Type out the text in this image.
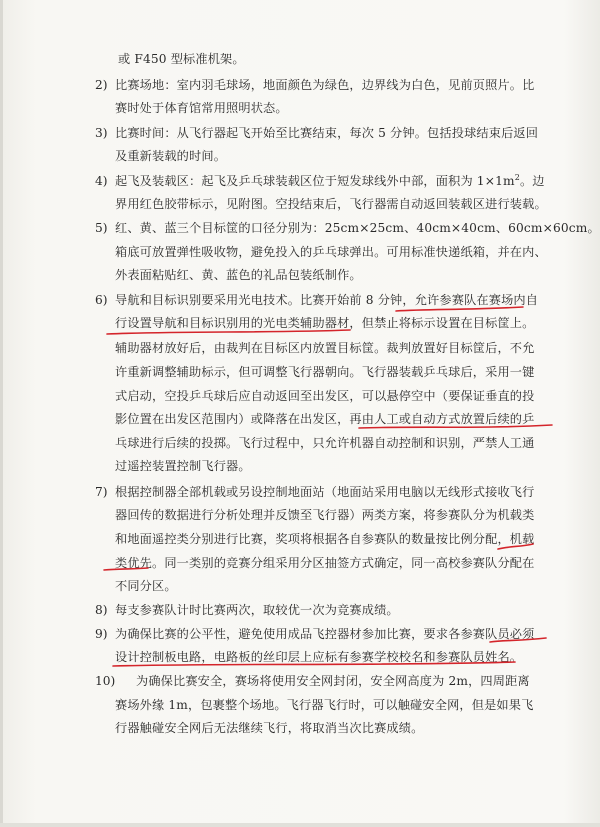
或 F450 型标准机架。
2) 比赛场地：室内羽毛球场，地面颜色为绿色，边界线为白色，见前页照片。比
赛时处于体育馆常用照明状态。
3) 比赛时间：从飞行器起飞开始至比赛结束，每次 5 分钟。包括投球结束后返回
及重新装载的时间。
4) 起飞及装载区：起飞及乒乓球装载区位于短发球线外中部，面积为 $1\times 1m^2$。边
界用红色胶带标示，见附图。空投结束后，飞行器需自动返回装载区进行装载。
5) 红、黄、蓝三个目标筐的口径分别为：25cm×25cm、40cm×40cm、60cm×60cm。
箱底可放置弹性吸收物，避免投入的乒乓球弹出。可用标准快递纸箱，并在内、
外表面粘贴红、黄、蓝色的礼品包装纸制作。
6) 导航和目标识别要采用光电技术。比赛开始前 8 分钟，允许参赛队在赛场内自
行设置导航和目标识别用的光电类辅助器材，但禁止将标示设置在目标筐上。
辅助器材放好后，由裁判在目标区内放置目标筐。裁判放置好目标筐后，不允
许重新调整辅助标示，但可调整飞行器朝向。飞行器装载乒乓球后，采用一键
式启动，空投乒乓球后应自动返回至出发区，可以悬停空中（要保证垂直的投
影位置在出发区范围内）或降落在出发区，再由人工或自动方式放置后续的乒
乓球进行后续的投掷。飞行过程中，只允许机器自动控制和识别，严禁人工通
过遥控装置控制飞行器。
7) 根据控制器全部机载或另设控制地面站（地面站采用电脑以无线形式接收飞行
器回传的数据进行分析处理并反馈至飞行器）两类方案，将参赛队分为机载类
和地面遥控类分别进行比赛，奖项将根据各自参赛队的数量按比例分配，机载
类优先。同一类别的竞赛分组采用分区抽签方式确定，同一高校参赛队分配在
不同分区。
8) 每支参赛队计时比赛两次，取较优一次为竞赛成绩。
9) 为确保比赛的公平性，避免使用成品飞控器材参加比赛，要求各参赛队员必须
设计控制板电路，电路板的丝印层上应标有参赛学校校名和参赛队员姓名。
10) 为确保比赛安全，赛场将使用安全网封闭，安全网高度为 2m，四周距离
赛场外缘 1m，包裹整个场地。飞行器飞行时，可以触碰安全网，但是如果飞
行器触碰安全网后无法继续飞行，将取消当次比赛成绩。
